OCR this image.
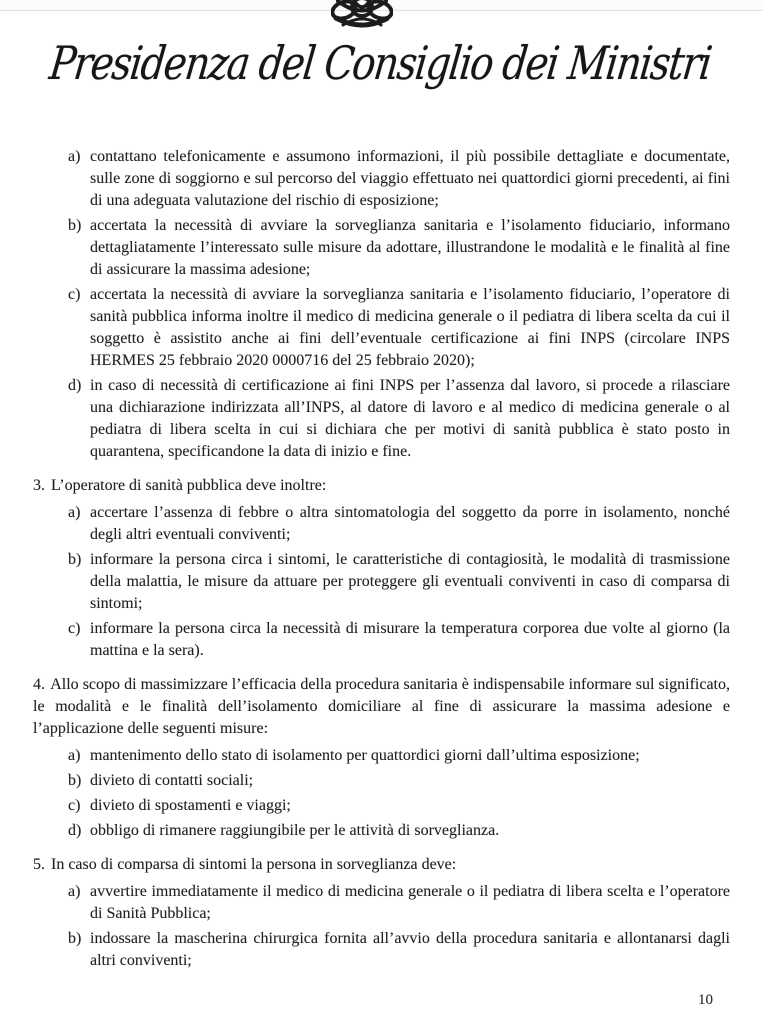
Presidenza del Consiglio dei Ministri
a) contattano telefonicamente e assumono informazioni, il più possibile dettagliate e documentate, sulle zone di soggiorno e sul percorso del viaggio effettuato nei quattordici giorni precedenti, ai fini di una adeguata valutazione del rischio di esposizione;
b) accertata la necessità di avviare la sorveglianza sanitaria e l’isolamento fiduciario, informano dettagliatamente l’interessato sulle misure da adottare, illustrandone le modalità e le finalità al fine di assicurare la massima adesione;
c) accertata la necessità di avviare la sorveglianza sanitaria e l’isolamento fiduciario, l’operatore di sanità pubblica informa inoltre il medico di medicina generale o il pediatra di libera scelta da cui il soggetto è assistito anche ai fini dell’eventuale certificazione ai fini INPS (circolare INPS HERMES 25 febbraio 2020 0000716 del 25 febbraio 2020);
d) in caso di necessità di certificazione ai fini INPS per l’assenza dal lavoro, si procede a rilasciare una dichiarazione indirizzata all’INPS, al datore di lavoro e al medico di medicina generale o al pediatra di libera scelta in cui si dichiara che per motivi di sanità pubblica è stato posto in quarantena, specificandone la data di inizio e fine.

3. L’operatore di sanità pubblica deve inoltre:

a) accertare l’assenza di febbre o altra sintomatologia del soggetto da porre in isolamento, nonché degli altri eventuali conviventi;
b) informare la persona circa i sintomi, le caratteristiche di contagiosità, le modalità di trasmissione della malattia, le misure da attuare per proteggere gli eventuali conviventi in caso di comparsa di sintomi;
c) informare la persona circa la necessità di misurare la temperatura corporea due volte al giorno (la mattina e la sera).

4. Allo scopo di massimizzare l’efficacia della procedura sanitaria è indispensabile informare sul significato, le modalità e le finalità dell’isolamento domiciliare al fine di assicurare la massima adesione e l’applicazione delle seguenti misure:

a) mantenimento dello stato di isolamento per quattordici giorni dall’ultima esposizione;
b) divieto di contatti sociali;
c) divieto di spostamenti e viaggi;
d) obbligo di rimanere raggiungibile per le attività di sorveglianza.

5. In caso di comparsa di sintomi la persona in sorveglianza deve:

a) avvertire immediatamente il medico di medicina generale o il pediatra di libera scelta e l’operatore di Sanità Pubblica;
b) indossare la mascherina chirurgica fornita all’avvio della procedura sanitaria e allontanarsi dagli altri conviventi;
10
